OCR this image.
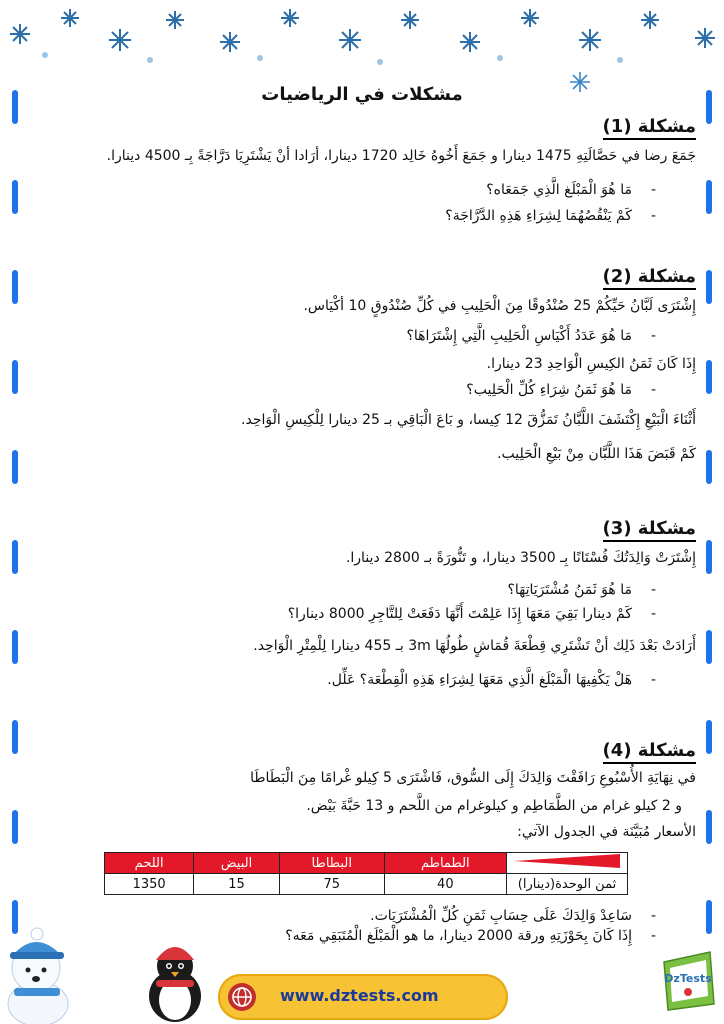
مشكلات في الرياضيات
مشكلة (1)
جَمَعَ رضا في حَصَّالَتِهِ 1475 دينارا و جَمَعَ أَخُوهُ خَالِد 1720 دينارا، أرَادا أنْ يَشْتَرِيَا دَرَّاجَةً بِـ 4500 دينارا.
- مَا هُوَ الْمَبْلَغ الَّذِي جَمَعَاه؟
- كَمْ يَنْقُصُهُمَا لِشِرَاءِ هَذِهِ الدَّرَّاجَة؟
مشكلة (2)
إِشْتَرَى لَبَّانُ حَيِّكُمْ 25 صُنْدُوقًا مِنَ الْحَلِيبِ في كُلِّ صُنْدُوقٍ 10 أكْيَاس.
- مَا هُوَ عَدَدُ أَكْيَاسِ الْحَلِيبِ الَّتِي إِشْتَرَاهَا؟
إِذَا كَانَ ثَمَنُ الكِيسِ الْوَاحِدِ 23 دينارا.
- مَا هُوَ ثَمَنُ شِرَاءِ كُلِّ الْحَلِيب؟
أَثْنَاءَ الْبَيْعِ إِكْتَشَفَ اللَّبَّانُ تَمَزُّقَ 12 كِيسا، و بَاعَ الْبَاقِي بـ 25 دينارا لِلْكِيسِ الْوَاحِد.
كَمْ قَبَضَ هَذَا اللَّبَّان مِنْ بَيْعِ الْحَلِيب.
مشكلة (3)
إِشْتَرَتْ وَالِدَتُكَ فُسْتَانًا بِـ 3500 دينارا، و تَنُّورَةً بـ 2800 دينارا.
- مَا هُوَ ثَمَنُ مُشْتَرَيَاتِهَا؟
- كَمْ دينارا بَقِيَ مَعَهَا إِذَا عَلِمْتَ أَنَّهَا دَفَعَتْ لِلتَّاجِرِ 8000 دينارا؟
أَرَادَتْ بَعْدَ ذَلِك أنْ تَشْتَرِي قِطْعَةَ قُمَاشٍ طُولُهَا 3m بـ 455 دينارا لِلْمِتْرِ الْوَاحِد.
- هَلْ يَكْفِيهَا الْمَبْلَغ الَّذِي مَعَهَا لِشِرَاءِ هَذِهِ الْقِطْعَة؟ عَلِّل.
مشكلة (4)
في نِهَايَةِ الأُسْبُوعِ رَافَقْتَ وَالِدَكَ إِلَى السُّوق، فَاشْتَرَى 5 كِيلو غْرامًا مِنَ الْبَطَاطَا
و 2 كيلو غرام من الطَّمَاطِم و كيلوغرام من اللَّحم و 13 حَبَّةَ بَيْض.
الأسعار مُبَيَّنَة في الجدول الآتي:
	الطماطم	البطاطا	البيض	اللحم
ثمن الوحدة(دينارا)	40	75	15	1350
- سَاعِدْ وَالِدَكَ عَلَى حِسَابِ ثَمَنِ كُلِّ الْمُشْتَرَيَات.
- إِذَا كَانَ بِحَوْزَتِهِ ورقة 2000 دينارا، ما هو الْمَبْلَغ الْمُتَبَقِي مَعَه؟
www.dztests.com
DzTests
